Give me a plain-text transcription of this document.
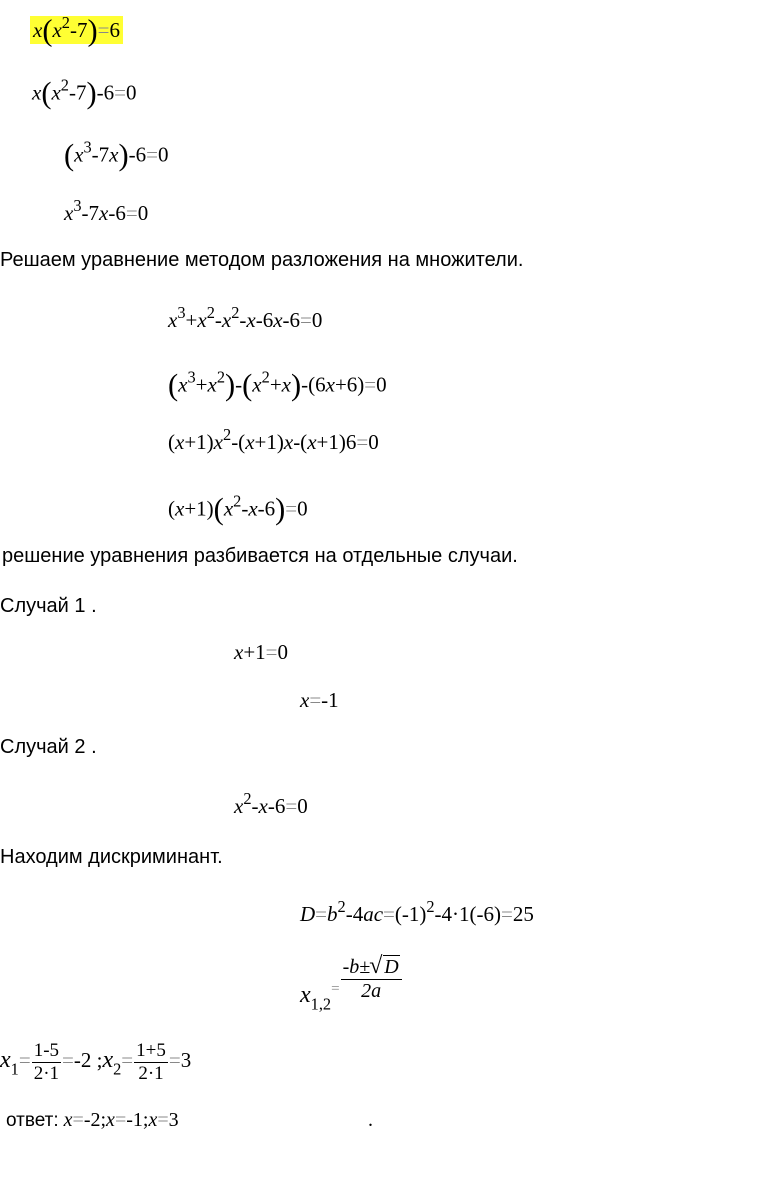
$x(x^2-7)=6$
$x(x^2-7)-6=0$
$(x^3-7x)-6=0$
$x^3-7x-6=0$
Решаем уравнение методом разложения на множители.
$x^3+x^2-x^2-x-6x-6=0$
$(x^3+x^2)-(x^2+x)-(6x+6)=0$
$(x+1)x^2-(x+1)x-(x+1)6=0$
$(x+1)(x^2-x-6)=0$
решение уравнения разбивается на отдельные случаи.
Случай 1 .
x+1=0
x=-1
Случай 2 .
$x^2-x-6=0$
Находим дискриминант.
$D=b^2-4ac=(-1)^2-4\cdot 1(-6)=25$
$x_{1,2}^= \frac{-b\pm √ D}{2a}$
$x_1= \frac{1-5}{2\cdot 1} =-2$ $;x_2= \frac{1+5}{2\cdot 1} =3$
ответ: x=-2;x=-1;x=3	.
